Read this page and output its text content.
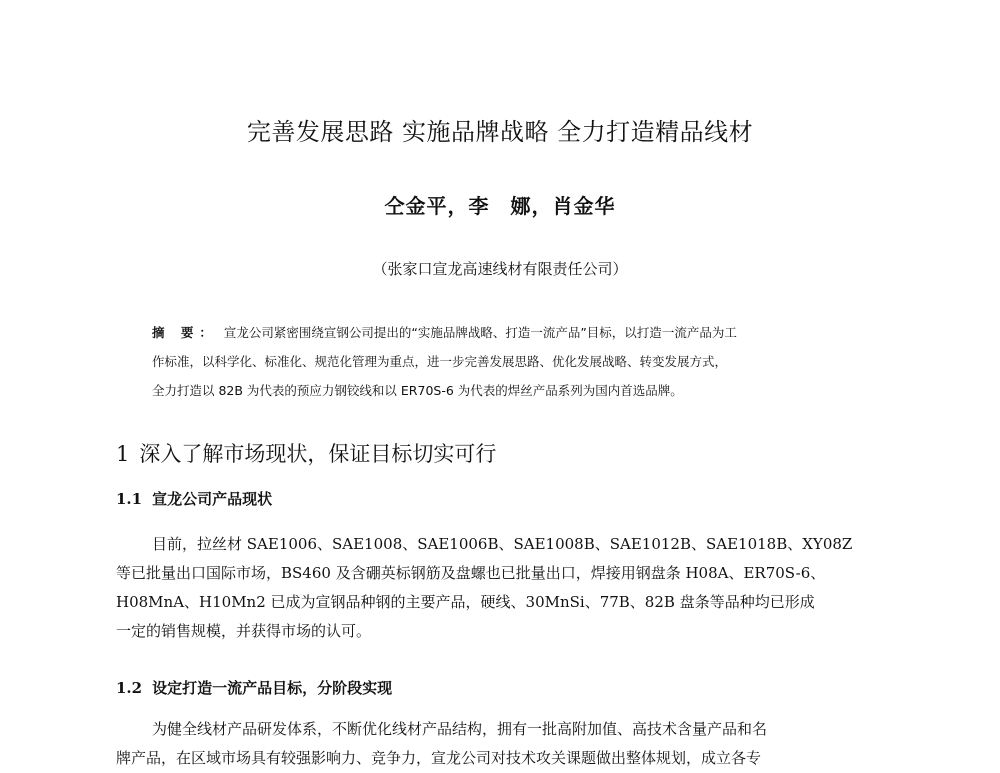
完善发展思路 实施品牌战略 全力打造精品线材
仝金平，李　娜，肖金华
（张家口宣龙高速线材有限责任公司）
摘 要： 宣龙公司紧密围绕宣钢公司提出的“实施品牌战略、打造一流产品”目标，以打造一流产品为工
作标准，以科学化、标准化、规范化管理为重点，进一步完善发展思路、优化发展战略、转变发展方式，
全力打造以 82B 为代表的预应力钢铰线和以 ER70S-6 为代表的焊丝产品系列为国内首选品牌。
1 深入了解市场现状，保证目标切实可行
1.1 宣龙公司产品现状
目前，拉丝材 SAE1006、SAE1008、SAE1006B、SAE1008B、SAE1012B、SAE1018B、XY08Z
等已批量出口国际市场，BS460 及含硼英标钢筋及盘螺也已批量出口，焊接用钢盘条 H08A、ER70S-6、
H08MnA、H10Mn2 已成为宣钢品种钢的主要产品，硬线、30MnSi、77B、82B 盘条等品种均已形成
一定的销售规模，并获得市场的认可。
1.2 设定打造一流产品目标，分阶段实现
为健全线材产品研发体系，不断优化线材产品结构，拥有一批高附加值、高技术含量产品和名
牌产品，在区域市场具有较强影响力、竞争力，宣龙公司对技术攻关课题做出整体规划，成立各专
